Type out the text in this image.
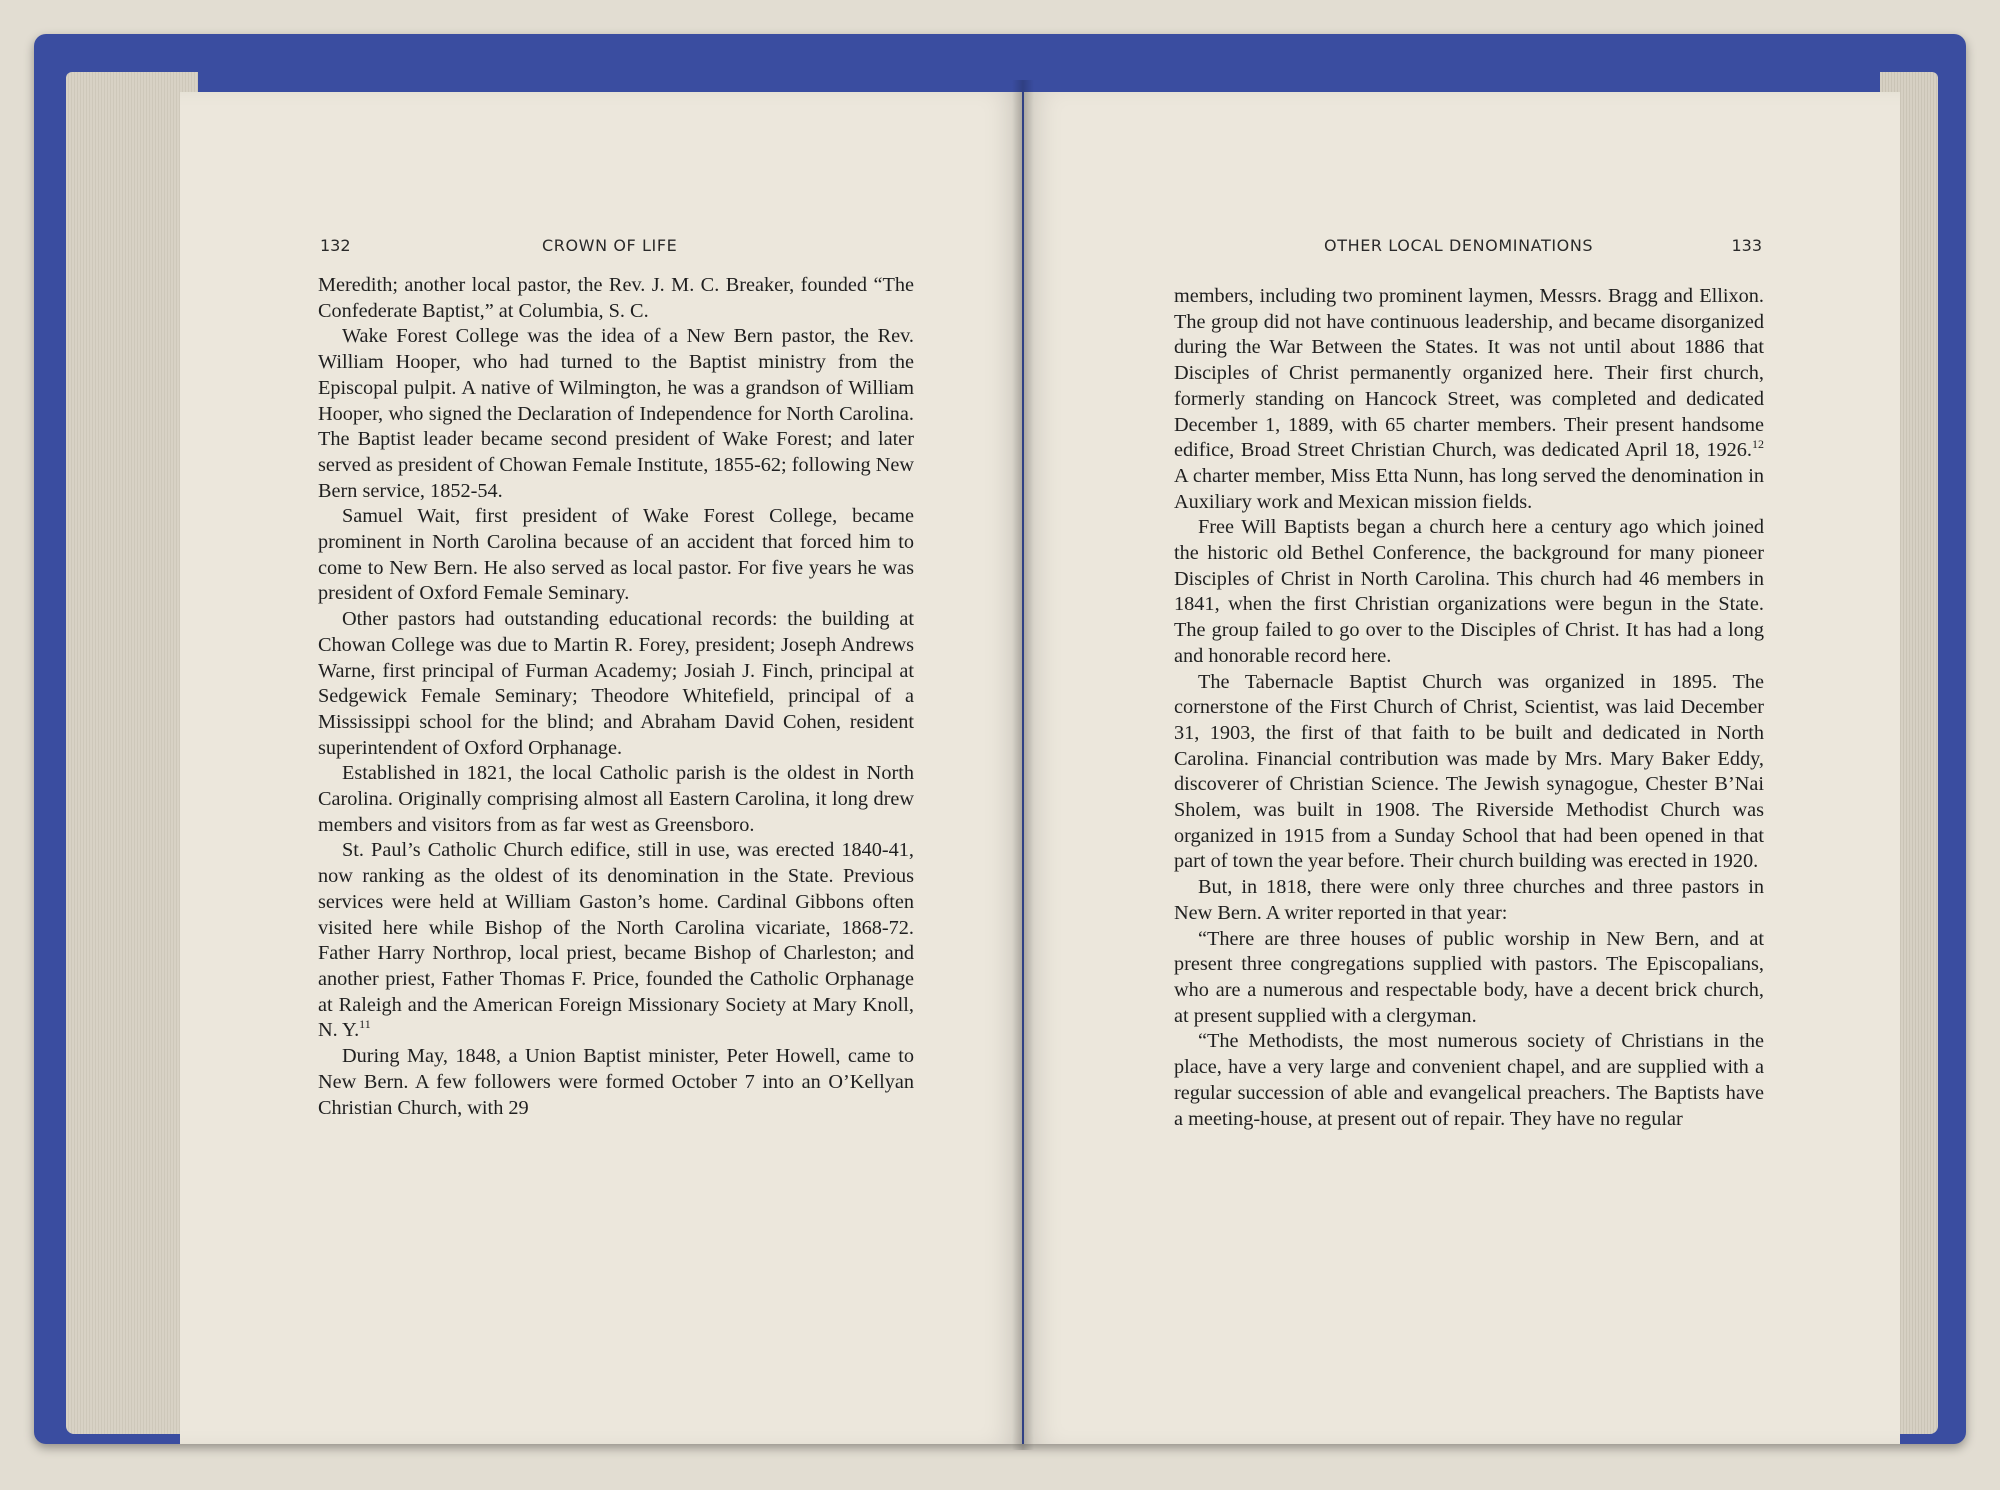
132	CROWN OF LIFE	OTHER LOCAL DENOMINATIONS	133

Meredith; another local pastor, the Rev. J. M. C. Breaker, founded “The Confederate Baptist,” at Columbia, S. C.

Wake Forest College was the idea of a New Bern pastor, the Rev. William Hooper, who had turned to the Baptist ministry from the Episcopal pulpit. A native of Wilmington, he was a grandson of William Hooper, who signed the Declaration of Independence for North Carolina. The Baptist leader became second president of Wake Forest; and later served as president of Chowan Female Institute, 1855-62; following New Bern service, 1852-54.

Samuel Wait, first president of Wake Forest College, became prominent in North Carolina because of an accident that forced him to come to New Bern. He also served as local pastor. For five years he was president of Oxford Female Seminary.

Other pastors had outstanding educational records: the building at Chowan College was due to Martin R. Forey, president; Joseph Andrews Warne, first principal of Furman Academy; Josiah J. Finch, principal at Sedgewick Female Seminary; Theodore Whitefield, principal of a Mississippi school for the blind; and Abraham David Cohen, resident superintendent of Oxford Orphanage.

Established in 1821, the local Catholic parish is the oldest in North Carolina. Originally comprising almost all Eastern Carolina, it long drew members and visitors from as far west as Greensboro.

St. Paul’s Catholic Church edifice, still in use, was erected 1840-41, now ranking as the oldest of its denomination in the State. Previous services were held at William Gaston’s home. Cardinal Gibbons often visited here while Bishop of the North Carolina vicariate, 1868-72. Father Harry Northrop, local priest, became Bishop of Charleston; and another priest, Father Thomas F. Price, founded the Catholic Orphanage at Raleigh and the American Foreign Missionary Society at Mary Knoll, N. Y.$^{11}$

During May, 1848, a Union Baptist minister, Peter Howell, came to New Bern. A few followers were formed October 7 into an O’Kellyan Christian Church, with 29

members, including two prominent laymen, Messrs. Bragg and Ellixon. The group did not have continuous leadership, and became disorganized during the War Between the States. It was not until about 1886 that Disciples of Christ permanently organized here. Their first church, formerly standing on Hancock Street, was completed and dedicated December 1, 1889, with 65 charter members. Their present handsome edifice, Broad Street Christian Church, was dedicated April 18, 1926.12 A charter member, Miss Etta Nunn, has long served the denomination in Auxiliary work and Mexican mission fields.

Free Will Baptists began a church here a century ago which joined the historic old Bethel Conference, the background for many pioneer Disciples of Christ in North Carolina. This church had 46 members in 1841, when the first Christian organizations were begun in the State. The group failed to go over to the Disciples of Christ. It has had a long and honorable record here.

The Tabernacle Baptist Church was organized in 1895. The cornerstone of the First Church of Christ, Scientist, was laid December 31, 1903, the first of that faith to be built and dedicated in North Carolina. Financial contribution was made by Mrs. Mary Baker Eddy, discoverer of Christian Science. The Jewish synagogue, Chester B’Nai Sholem, was built in 1908. The Riverside Methodist Church was organized in 1915 from a Sunday School that had been opened in that part of town the year before. Their church building was erected in 1920.

But, in 1818, there were only three churches and three pastors in New Bern. A writer reported in that year:

“There are three houses of public worship in New Bern, and at present three congregations supplied with pastors. The Episcopalians, who are a numerous and respectable body, have a decent brick church, at present supplied with a clergyman.

“The Methodists, the most numerous society of Christians in the place, have a very large and convenient chapel, and are supplied with a regular succession of able and evangelical preachers. The Baptists have a meeting-house, at present out of repair. They have no regular
